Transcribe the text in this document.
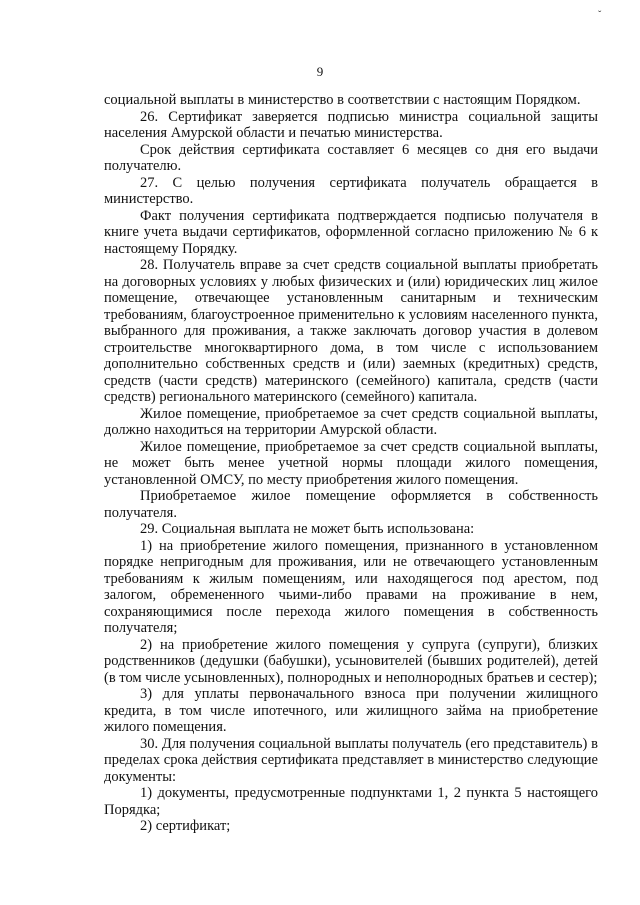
ˇ
9

социальной выплаты в министерство в соответствии с настоящим Порядком.

26. Сертификат заверяется подписью министра социальной защиты населения Амурской области и печатью министерства.

Срок действия сертификата составляет 6 месяцев со дня его выдачи получателю.

27. С целью получения сертификата получатель обращается в министерство.

Факт получения сертификата подтверждается подписью получателя в книге учета выдачи сертификатов, оформленной согласно приложению № 6 к настоящему Порядку.

28. Получатель вправе за счет средств социальной выплаты приобретать на договорных условиях у любых физических и (или) юридических лиц жилое помещение, отвечающее установленным санитарным и техническим требованиям, благоустроенное применительно к условиям населенного пункта, выбранного для проживания, а также заключать договор участия в долевом строительстве многоквартирного дома, в том числе с использованием дополнительно собственных средств и (или) заемных (кредитных) средств, средств (части средств) материнского (семейного) капитала, средств (части средств) регионального материнского (семейного) капитала.

Жилое помещение, приобретаемое за счет средств социальной выплаты, должно находиться на территории Амурской области.

Жилое помещение, приобретаемое за счет средств социальной выплаты, не может быть менее учетной нормы площади жилого помещения, установленной ОМСУ, по месту приобретения жилого помещения.

Приобретаемое жилое помещение оформляется в собственность получателя.

29. Социальная выплата не может быть использована:

1) на приобретение жилого помещения, признанного в установленном порядке непригодным для проживания, или не отвечающего установленным требованиям к жилым помещениям, или находящегося под арестом, под залогом, обремененного чьими-либо правами на проживание в нем, сохраняющимися после перехода жилого помещения в собственность получателя;

2) на приобретение жилого помещения у супруга (супруги), близких родственников (дедушки (бабушки), усыновителей (бывших родителей), детей (в том числе усыновленных), полнородных и неполнородных братьев и сестер);

3) для уплаты первоначального взноса при получении жилищного кредита, в том числе ипотечного, или жилищного займа на приобретение жилого помещения.

30. Для получения социальной выплаты получатель (его представитель) в пределах срока действия сертификата представляет в министерство следующие документы:

1) документы, предусмотренные подпунктами 1, 2 пункта 5 настоящего Порядка;

2) сертификат;
